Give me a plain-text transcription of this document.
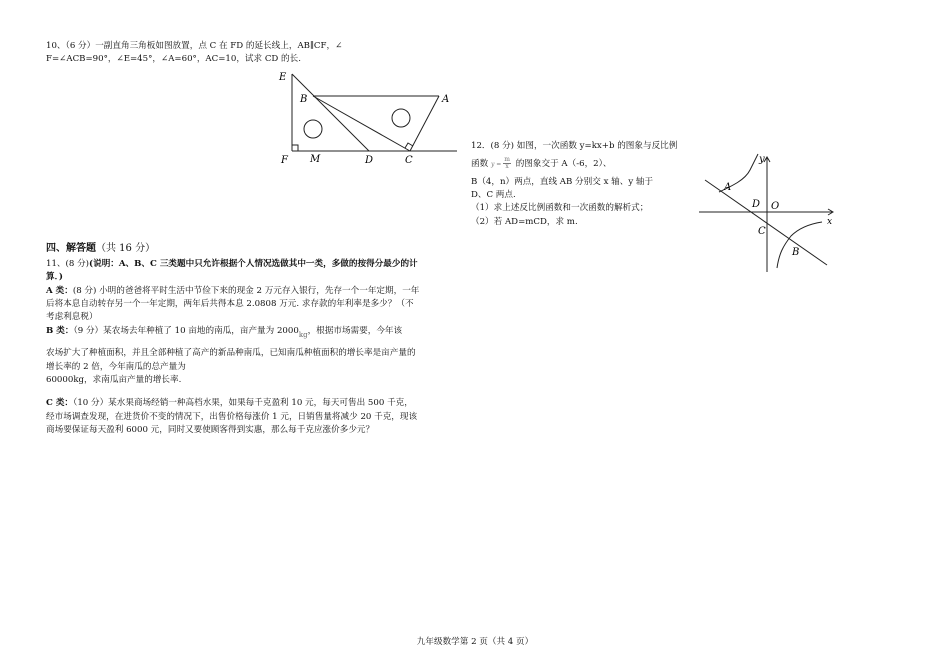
10、（6 分）一副直角三角板如图放置，点 C 在 FD 的延长线上，AB∥CF，∠

F=∠ACB=90°，∠E=45°，∠A=60°，AC=10，试求 CD 的长.

E
B	A
F M	D	C
四、解答题（共 16 分）

11、(8 分)(说明：A、B、C 三类题中只允许根据个人情况选做其中一类，多做的按得分最少的计算．)

A 类：(8 分) 小明的爸爸将平时生活中节俭下来的现金 2 万元存入银行，先存一个一年定期，一年后将本息自动转存另一个一年定期，两年后共得本息 2.0808 万元. 求存款的年利率是多少？（不考虑利息税）

B 类：（9 分）某农场去年种植了 10 亩地的南瓜，亩产量为 $2000_{kg}$，根据市场需要，今年该

农场扩大了种植面积，并且全部种植了高产的新品种南瓜，已知南瓜种植面积的增长率是亩产量的增长率的 2 倍，今年南瓜的总产量为

60000kg，求南瓜亩产量的增长率.

C 类：（10 分）某水果商场经销一种高档水果，如果每千克盈利 10 元，每天可售出 500 千克，经市场调查发现，在进货价不变的情况下，出售价格每涨价 1 元，日销售量将减少 20 千克，现该商场要保证每天盈利 6000 元，同时又要使顾客得到实惠，那么每千克应涨价多少元？

12．(8 分) 如图，一次函数 y=kx+b 的图象与反比例

函数 $y = \frac{m}{x}$ 的图象交于 A（-6，2）、

B（4，n）两点，直线 AB 分别交 x 轴、y 轴于

D、C 两点.

（1）求上述反比例函数和一次函数的解析式；

（2）若 AD=mCD，求 m.

y
A
D O
x
C
B
九年级数学第 2 页（共 4 页）
